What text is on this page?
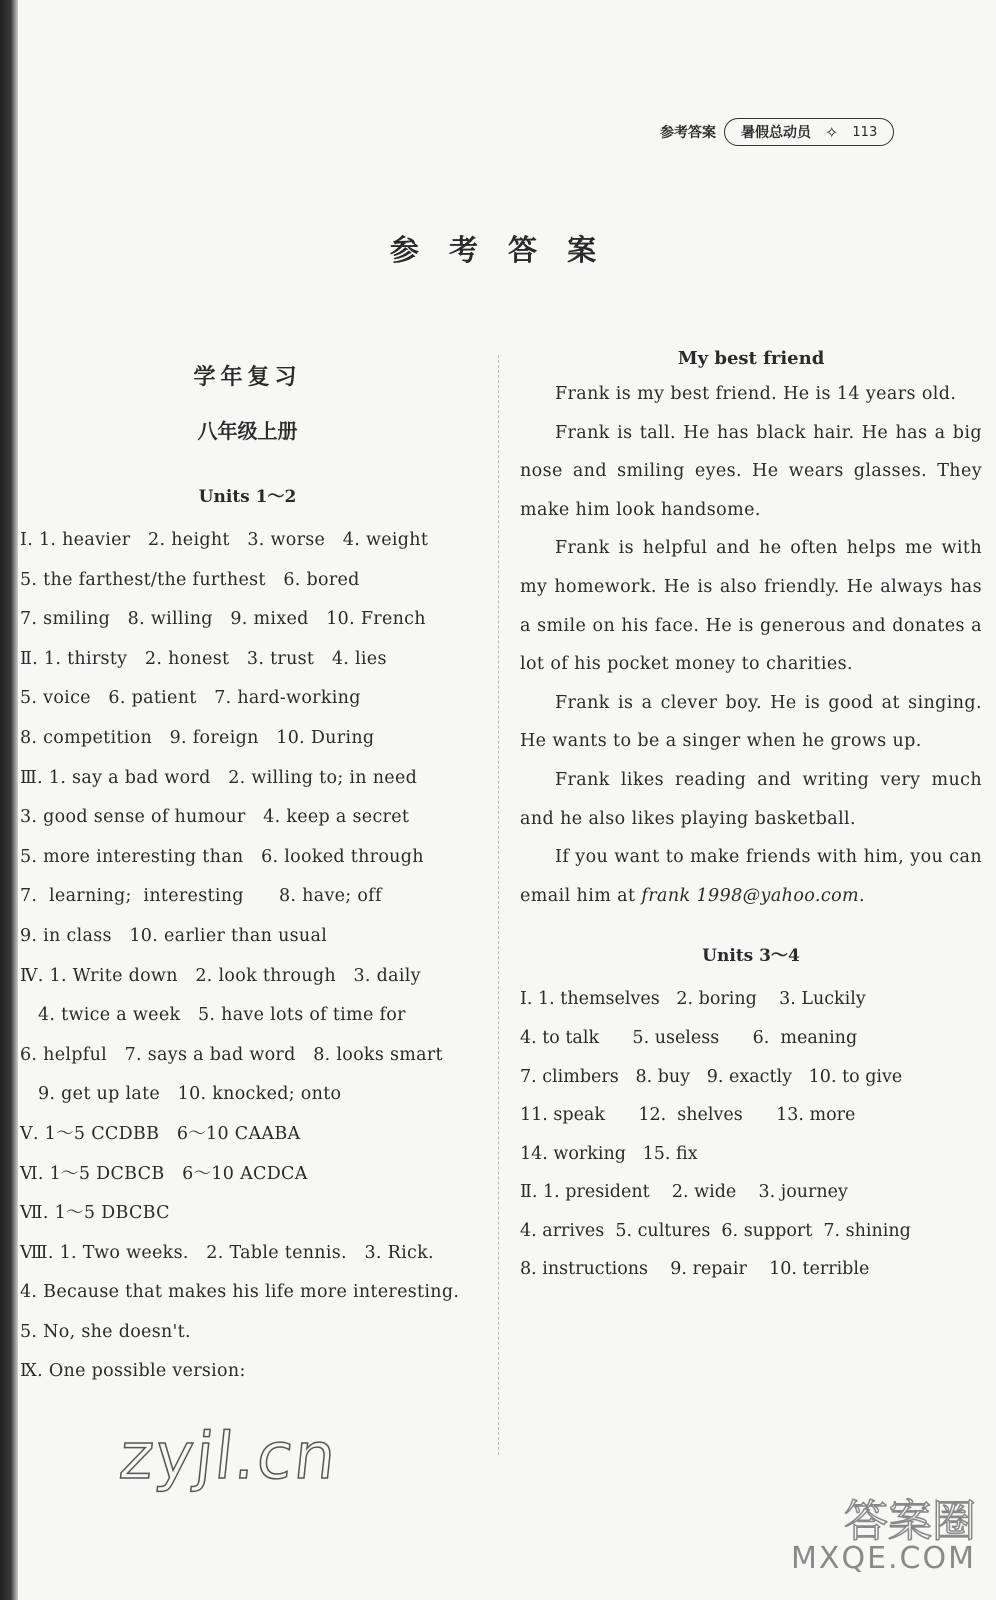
参考答案 暑假总动员 ✧ 113
参 考 答 案
学年复习
八年级上册
Units 1～2
Ⅰ. 1. heavier   2. height   3. worse   4. weight
5. the farthest/the furthest   6. bored
7. smiling   8. willing   9. mixed   10. French
Ⅱ. 1. thirsty   2. honest   3. trust   4. lies
5. voice   6. patient   7. hard-working
8. competition   9. foreign   10. During
Ⅲ. 1. say a bad word   2. willing to; in need
3. good sense of humour   4. keep a secret
5. more interesting than   6. looked through
7.  learning;  interesting      8. have; off
9. in class   10. earlier than usual
Ⅳ. 1. Write down   2. look through   3. daily
4. twice a week   5. have lots of time for
6. helpful   7. says a bad word   8. looks smart
9. get up late   10. knocked; onto
Ⅴ. 1～5 CCDBB   6～10 CAABA
Ⅵ. 1～5 DCBCB   6～10 ACDCA
Ⅶ. 1～5 DBCBC
Ⅷ. 1. Two weeks.   2. Table tennis.   3. Rick.
4. Because that makes his life more interesting.
5. No, she doesn't.
Ⅸ. One possible version:
My best friend

Frank is my best friend. He is 14 years old.

Frank is tall. He has black hair. He has a big nose and smiling eyes. He wears glasses. They make him look handsome.

Frank is helpful and he often helps me with my homework. He is also friendly. He always has a smile on his face. He is generous and donates a lot of his pocket money to charities.

Frank is a clever boy. He is good at singing. He wants to be a singer when he grows up.

Frank likes reading and writing very much and he also likes playing basketball.

If you want to make friends with him, you can email him at frank 1998@yahoo.com.

Units 3～4
Ⅰ. 1. themselves   2. boring    3. Luckily
4. to talk      5. useless      6.  meaning
7. climbers   8. buy   9. exactly   10. to give
11. speak      12.  shelves      13. more
14. working   15. fix
Ⅱ. 1. president    2. wide    3. journey
4. arrives  5. cultures  6. support  7. shining
8. instructions    9. repair    10. terrible
zyjl.cn
答案圈
MXQE.COM
